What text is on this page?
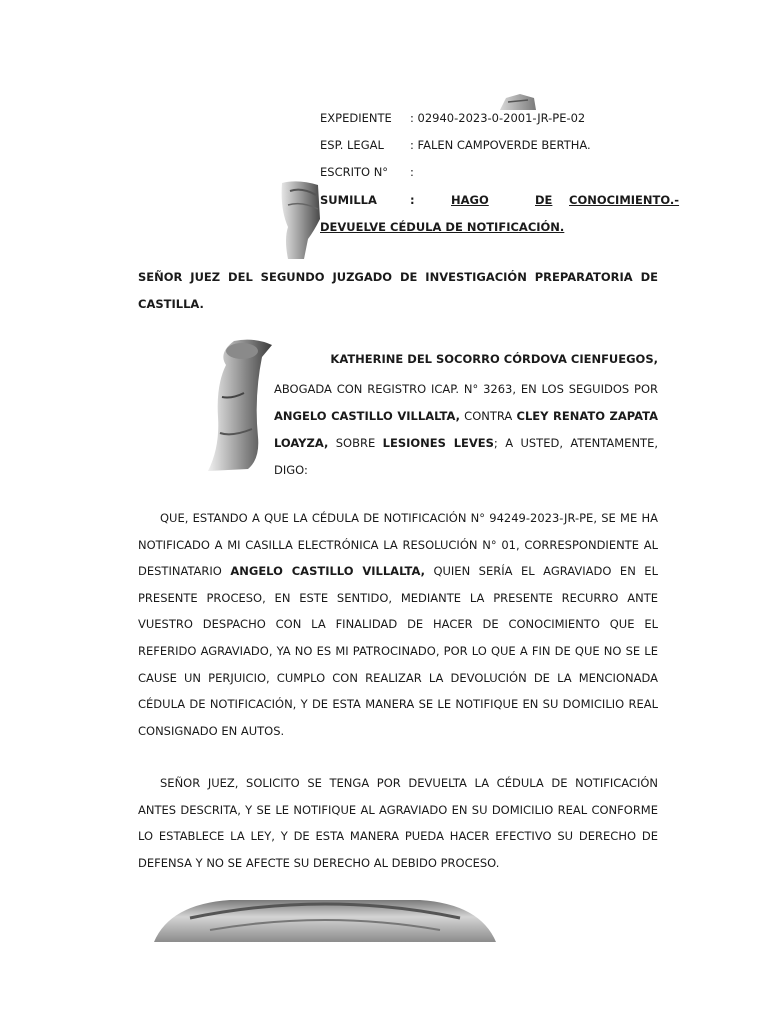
EXPEDIENTE : 02940-2023-0-2001-JR-PE-02
ESP. LEGAL : FALEN CAMPOVERDE BERTHA.
ESCRITO N° :
SUMILLA	:	HAGO	DE CONOCIMIENTO.-
DEVUELVE CÉDULA DE NOTIFICACIÓN.
SEÑOR JUEZ DEL SEGUNDO JUZGADO DE INVESTIGACIÓN PREPARATORIA DE
CASTILLA.
KATHERINE DEL SOCORRO CÓRDOVA CIENFUEGOS,
ABOGADA CON REGISTRO ICAP. N° 3263, EN LOS SEGUIDOS POR ANGELO CASTILLO VILLALTA, CONTRA CLEY RENATO ZAPATA LOAYZA, SOBRE LESIONES LEVES; A USTED, ATENTAMENTE, DIGO:
QUE, ESTANDO A QUE LA CÉDULA DE NOTIFICACIÓN N° 94249-2023-JR-PE, SE ME HA NOTIFICADO A MI CASILLA ELECTRÓNICA LA RESOLUCIÓN N° 01, CORRESPONDIENTE AL DESTINATARIO ANGELO CASTILLO VILLALTA, QUIEN SERÍA EL AGRAVIADO EN EL PRESENTE PROCESO, EN ESTE SENTIDO, MEDIANTE LA PRESENTE RECURRO ANTE VUESTRO DESPACHO CON LA FINALIDAD DE HACER DE CONOCIMIENTO QUE EL REFERIDO AGRAVIADO, YA NO ES MI PATROCINADO, POR LO QUE A FIN DE QUE NO SE LE CAUSE UN PERJUICIO, CUMPLO CON REALIZAR LA DEVOLUCIÓN DE LA MENCIONADA CÉDULA DE NOTIFICACIÓN, Y DE ESTA MANERA SE LE NOTIFIQUE EN SU DOMICILIO REAL CONSIGNADO EN AUTOS.
SEÑOR JUEZ, SOLICITO SE TENGA POR DEVUELTA LA CÉDULA DE NOTIFICACIÓN ANTES DESCRITA, Y SE LE NOTIFIQUE AL AGRAVIADO EN SU DOMICILIO REAL CONFORME LO ESTABLECE LA LEY, Y DE ESTA MANERA PUEDA HACER EFECTIVO SU DERECHO DE DEFENSA Y NO SE AFECTE SU DERECHO AL DEBIDO PROCESO.
